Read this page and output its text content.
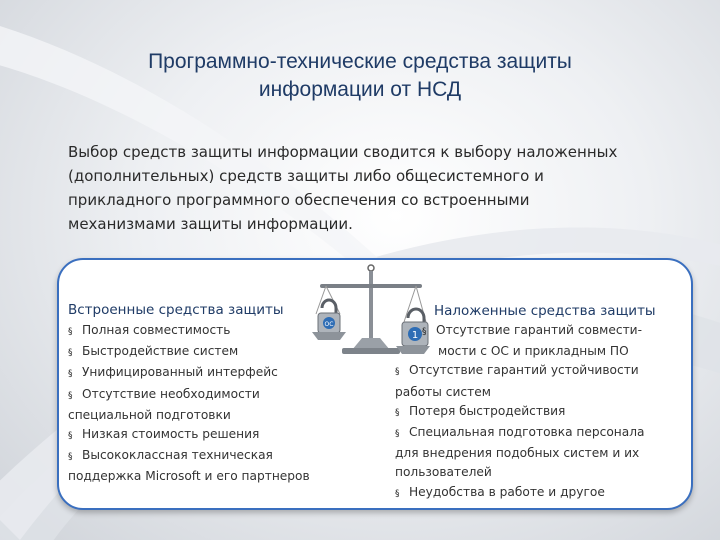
Программно-технические средства защиты
информации от НСД
Выбор средств защиты информации сводится к выбору наложенных
(дополнительных) средств защиты либо общесистемного и
прикладного программного обеспечения со встроенными
механизмами защиты информации.
OC
1
Встроенные средства защиты
§ Полная совместимость
§ Быстродействие систем
§ Унифицированный интерфейс
§ Отсутствие необходимости
специальной подготовки
§ Низкая стоимость решения
§ Высококлассная техническая
поддержка Microsoft и его партнеров
Наложенные средства защиты
§ Отсутствие гарантий совмести-
мости с ОС и прикладным ПО
§ Отсутствие гарантий устойчивости
работы систем
§ Потеря быстродействия
§ Специальная подготовка персонала
для внедрения подобных систем и их
пользователей
§ Неудобства в работе и другое
